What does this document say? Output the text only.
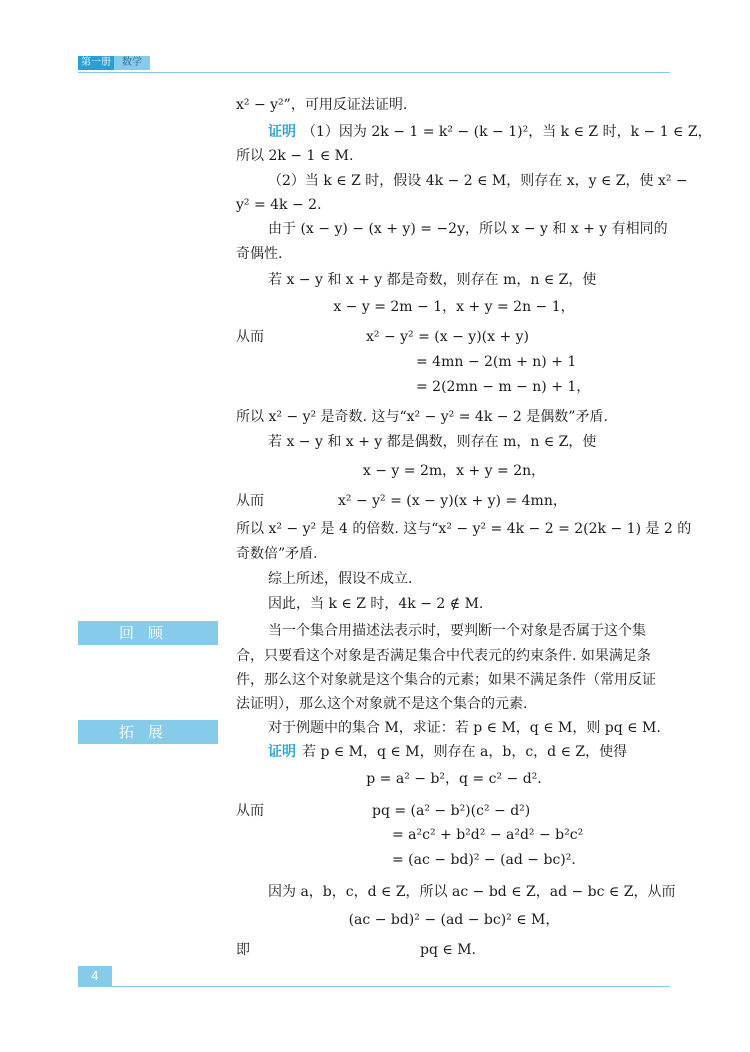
第一册	数学
x² − y²”，可用反证法证明.
证明 （1）因为 2k − 1 = k² − (k − 1)²，当 k ∈ Z 时，k − 1 ∈ Z，
所以 2k − 1 ∈ M.
（2）当 k ∈ Z 时，假设 4k − 2 ∈ M，则存在 x，y ∈ Z，使 x² −
y² = 4k − 2.
由于 (x − y) − (x + y) = −2y，所以 x − y 和 x + y 有相同的
奇偶性.
若 x − y 和 x + y 都是奇数，则存在 m，n ∈ Z，使
x − y = 2m − 1，x + y = 2n − 1，
从而	x² − y² = (x − y)(x + y)
= 4mn − 2(m + n) + 1
= 2(2mn − m − n) + 1，
所以 x² − y² 是奇数. 这与“x² − y² = 4k − 2 是偶数”矛盾.
若 x − y 和 x + y 都是偶数，则存在 m，n ∈ Z，使
x − y = 2m，x + y = 2n，
从而	x² − y² = (x − y)(x + y) = 4mn，
所以 x² − y² 是 4 的倍数. 这与“x² − y² = 4k − 2 = 2(2k − 1) 是 2 的
奇数倍”矛盾.
综上所述，假设不成立.
因此，当 k ∈ Z 时，4k − 2 ∉ M.
当一个集合用描述法表示时，要判断一个对象是否属于这个集
合，只要看这个对象是否满足集合中代表元的约束条件. 如果满足条
件，那么这个对象就是这个集合的元素；如果不满足条件（常用反证
法证明），那么这个对象就不是这个集合的元素.
对于例题中的集合 M，求证：若 p ∈ M，q ∈ M，则 pq ∈ M.
证明 若 p ∈ M，q ∈ M，则存在 a，b，c，d ∈ Z，使得
p = a² − b²，q = c² − d².
从而	pq = (a² − b²)(c² − d²)
= a²c² + b²d² − a²d² − b²c²
= (ac − bd)² − (ad − bc)².
因为 a，b，c，d ∈ Z，所以 ac − bd ∈ Z，ad − bc ∈ Z，从而
(ac − bd)² − (ad − bc)² ∈ M，
即	pq ∈ M.
回顾
拓展
4
